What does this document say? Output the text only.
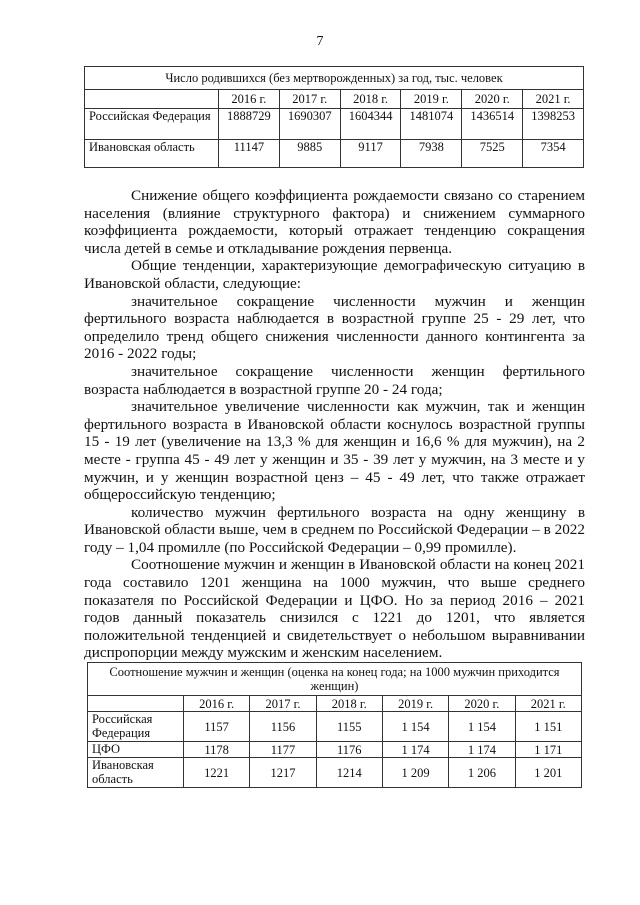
7
Число родившихся (без мертворожденных) за год, тыс. человек						
	2016 г.	2017 г.	2018 г.	2019 г.	2020 г.	2021 г.
Российская Федерация	1888729	1690307	1604344	1481074	1436514	1398253
Ивановская область	11147	9885	9117	7938	7525	7354

Снижение общего коэффициента рождаемости связано со старением населения (влияние структурного фактора) и снижением суммарного коэффициента рождаемости, который отражает тенденцию сокращения числа детей в семье и откладывание рождения первенца.

Общие тенденции, характеризующие демографическую ситуацию в Ивановской области, следующие:

значительное сокращение численности мужчин и женщин фертильного возраста наблюдается в возрастной группе 25 - 29 лет, что определило тренд общего снижения численности данного контингента за 2016 - 2022 годы;

значительное сокращение численности женщин фертильного возраста наблюдается в возрастной группе 20 - 24 года;

значительное увеличение численности как мужчин, так и женщин фертильного возраста в Ивановской области коснулось возрастной группы 15 - 19 лет (увеличение на 13,3 % для женщин и 16,6 % для мужчин), на 2 месте - группа 45 - 49 лет у женщин и 35 - 39 лет у мужчин, на 3 месте и у мужчин, и у женщин возрастной ценз – 45 - 49 лет, что также отражает общероссийскую тенденцию;

количество мужчин фертильного возраста на одну женщину в Ивановской области выше, чем в среднем по Российской Федерации – в 2022 году – 1,04 промилле (по Российской Федерации – 0,99 промилле).

Соотношение мужчин и женщин в Ивановской области на конец 2021 года составило 1201 женщина на 1000 мужчин, что выше среднего показателя по Российской Федерации и ЦФО. Но за период 2016 – 2021 годов данный показатель снизился с 1221 до 1201, что является положительной тенденцией и свидетельствует о небольшом выравнивании диспропорции между мужским и женским населением.

Соотношение мужчин и женщин (оценка на конец года; на 1000 мужчин приходится женщин)						
	2016 г.	2017 г.	2018 г.	2019 г.	2020 г.	2021 г.
Российская Федерация	1157	1156	1155	1 154	1 154	1 151
ЦФО	1178	1177	1176	1 174	1 174	1 171
Ивановская область	1221	1217	1214	1 209	1 206	1 201
